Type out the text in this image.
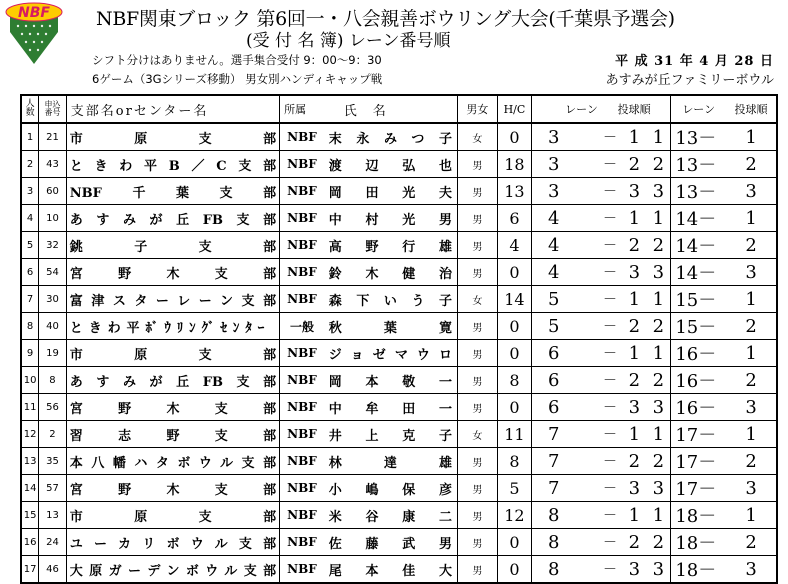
NBF NBF関東ブロック 第6回一・八会親善ボウリング大会(千葉県予選会)
(受 付 名 簿) レーン番号順
シフト分けはありません。選手集合受付 9：00～9：30
6ゲーム（3Gシリーズ移動） 男女別ハンディキャップ戦
平 成 31 年 4 月 28 日
あすみが丘ファミリーボウル
人
数	申込
番号	支部名orセンター名	所属	氏名	男女	H/C	レーン	投球順			レーン	投球順
1	21	市原支部	NBF	末永みつ子	女	0	3	－	1	1	13－	1
2	43	ときわ平B／C支部	NBF	渡辺弘也	男	18	3	－	2	2	13－	2
3	60	NBF千葉支部	NBF	岡田光夫	男	13	3	－	3	3	13－	3
4	10	あすみが丘FB支部	NBF	中村光男	男	6	4	－	1	1	14－	1
5	32	銚子支部	NBF	高野行雄	男	4	4	－	2	2	14－	2
6	54	宮野木支部	NBF	鈴木健治	男	0	4	－	3	3	14－	3
7	30	富津スターレーン支部	NBF	森下いう子	女	14	5	－	1	1	15－	1
8	40	ときわ平ﾎﾞｳﾘﾝｸﾞｾﾝﾀｰ	一般	秋葉寛	男	0	5	－	2	2	15－	2
9	19	市原支部	NBF	ジョゼマウロ	男	0	6	－	1	1	16－	1
10	8	あすみが丘FB支部	NBF	岡本敬一	男	8	6	－	2	2	16－	2
11	56	宮野木支部	NBF	中牟田一	男	0	6	－	3	3	16－	3
12	2	習志野支部	NBF	井上克子	女	11	7	－	1	1	17－	1
13	35	本八幡ハタボウル支部	NBF	林達雄	男	8	7	－	2	2	17－	2
14	57	宮野木支部	NBF	小嶋保彦	男	5	7	－	3	3	17－	3
15	13	市原支部	NBF	米谷康二	男	12	8	－	1	1	18－	1
16	24	ユーカリボウル支部	NBF	佐藤武男	男	0	8	－	2	2	18－	2
17	46	大原ガーデンボウル支部	NBF	尾本佳大	男	0	8	－	3	3	18－	3
